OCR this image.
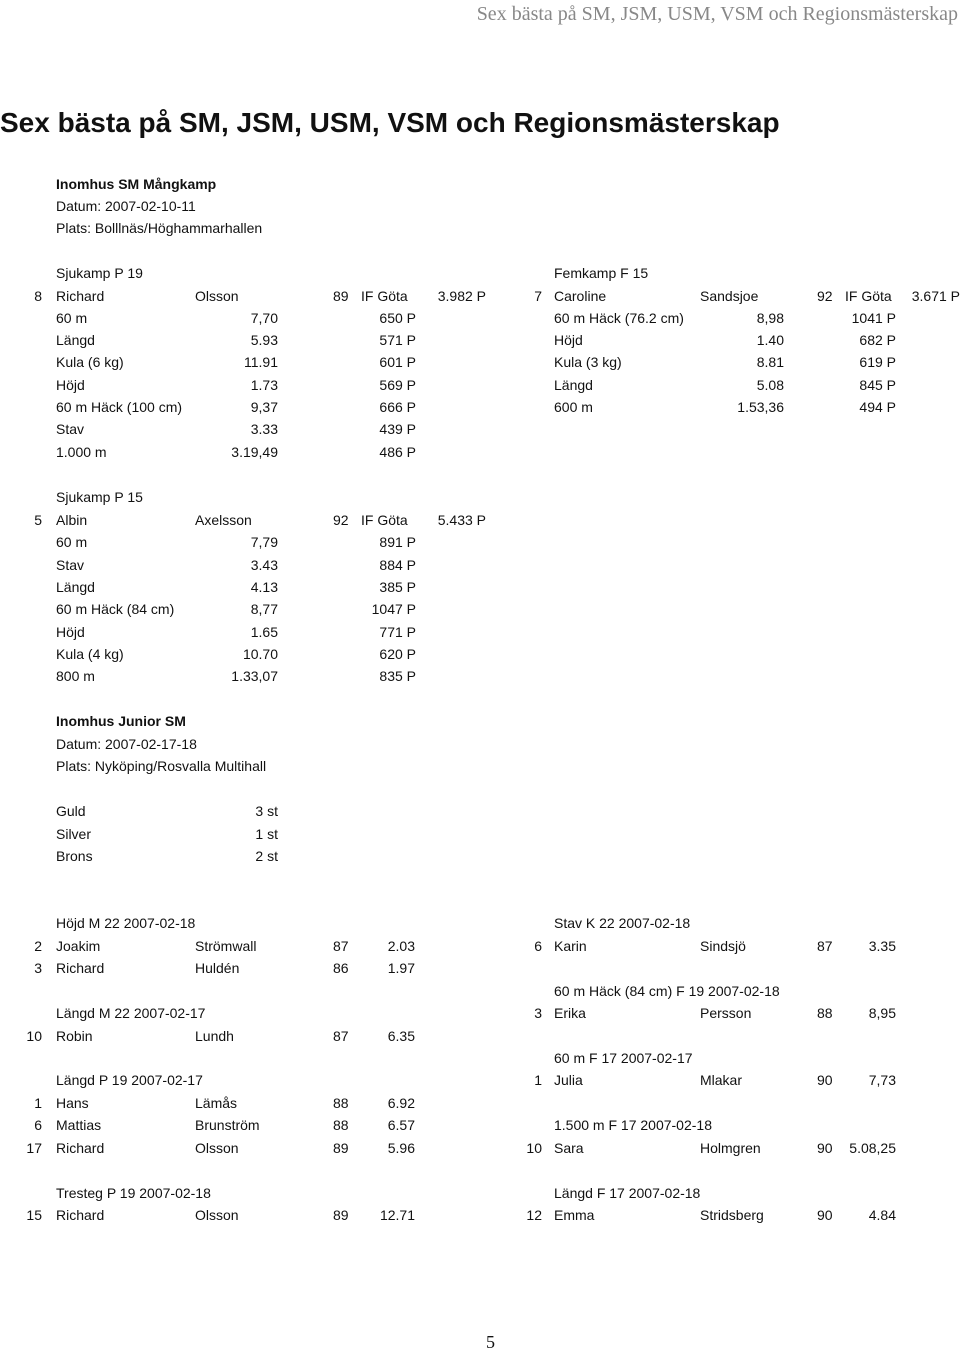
Sex bästa på SM, JSM, USM, VSM och Regionsmästerskap
Sex bästa på SM, JSM, USM, VSM och Regionsmästerskap
Inomhus SM Mångkamp
Datum: 2007-02-10-11
Plats: Bolllnäs/Höghammarhallen
Sjukamp P 19
8 Richard	Olsson	89 IF Göta	3.982 P
60 m	7,70	650 P
Längd	5.93	571 P
Kula (6 kg)	11.91	601 P
Höjd	1.73	569 P
60 m Häck (100 cm)	9,37	666 P
Stav	3.33	439 P
1.000 m	3.19,49	486 P
Femkamp F 15
7 Caroline	Sandsjoe	92 IF Göta	3.671 P
60 m Häck (76.2 cm)	8,98	1041 P
Höjd	1.40	682 P
Kula (3 kg)	8.81	619 P
Längd	5.08	845 P
600 m	1.53,36	494 P
Sjukamp P 15
5 Albin	Axelsson	92 IF Göta	5.433 P
60 m	7,79	891 P
Stav	3.43	884 P
Längd	4.13	385 P
60 m Häck (84 cm)	8,77	1047 P
Höjd	1.65	771 P
Kula (4 kg)	10.70	620 P
800 m	1.33,07	835 P
Inomhus Junior SM
Datum: 2007-02-17-18
Plats: Nyköping/Rosvalla Multihall
Guld	3 st
Silver	1 st
Brons	2 st
Höjd M 22 2007-02-18
2 Joakim	Strömwall	87	2.03
3 Richard	Huldén	86	1.97
Längd M 22 2007-02-17
10 Robin	Lundh	87	6.35
Längd P 19 2007-02-17
1 Hans	Lämås	88	6.92
6 Mattias	Brunström	88	6.57
17 Richard	Olsson	89	5.96
Tresteg P 19 2007-02-18
15 Richard	Olsson	89	12.71
Stav K 22 2007-02-18
6 Karin	Sindsjö	87	3.35
60 m Häck (84 cm) F 19 2007-02-18
3 Erika	Persson	88	8,95
60 m F 17 2007-02-17
1 Julia	Mlakar	90	7,73
1.500 m F 17 2007-02-18
10 Sara	Holmgren	90	5.08,25
Längd F 17 2007-02-18
12 Emma	Stridsberg	90	4.84
5
